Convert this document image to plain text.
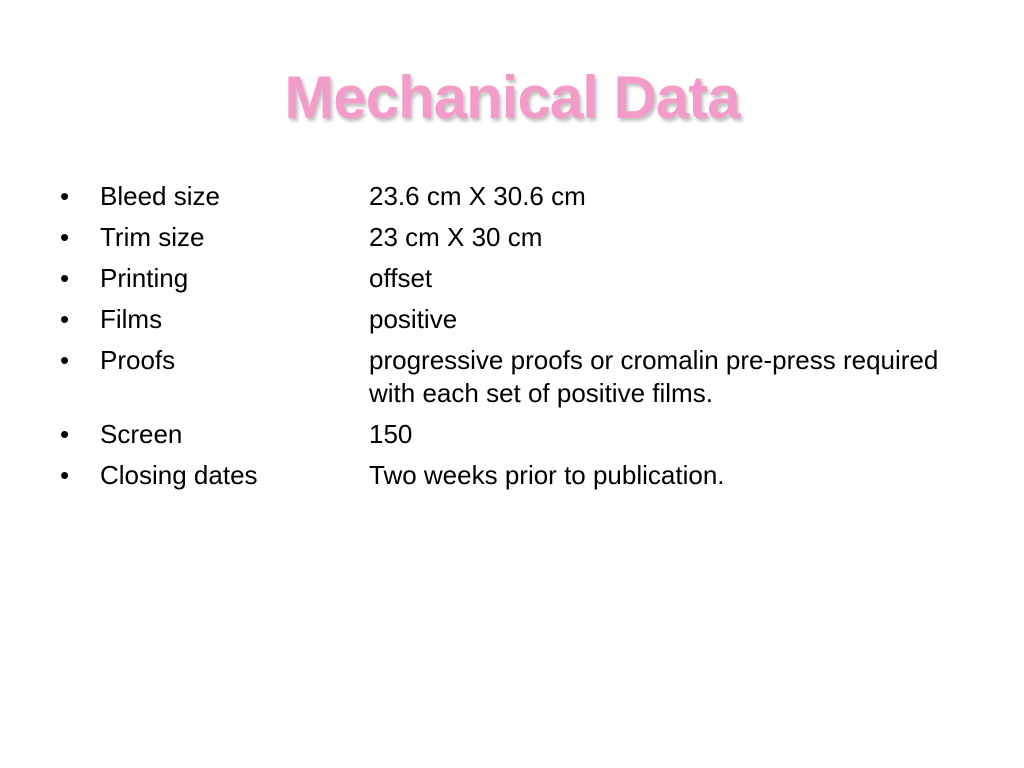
Mechanical Data
•	Bleed size	23.6 cm X 30.6 cm
•	Trim size	23 cm X 30 cm
•	Printing	offset
•	Films	positive
•	Proofs	progressive proofs or cromalin pre-press required with each set of positive films.
•	Screen	150
•	Closing dates	Two weeks prior to publication.
